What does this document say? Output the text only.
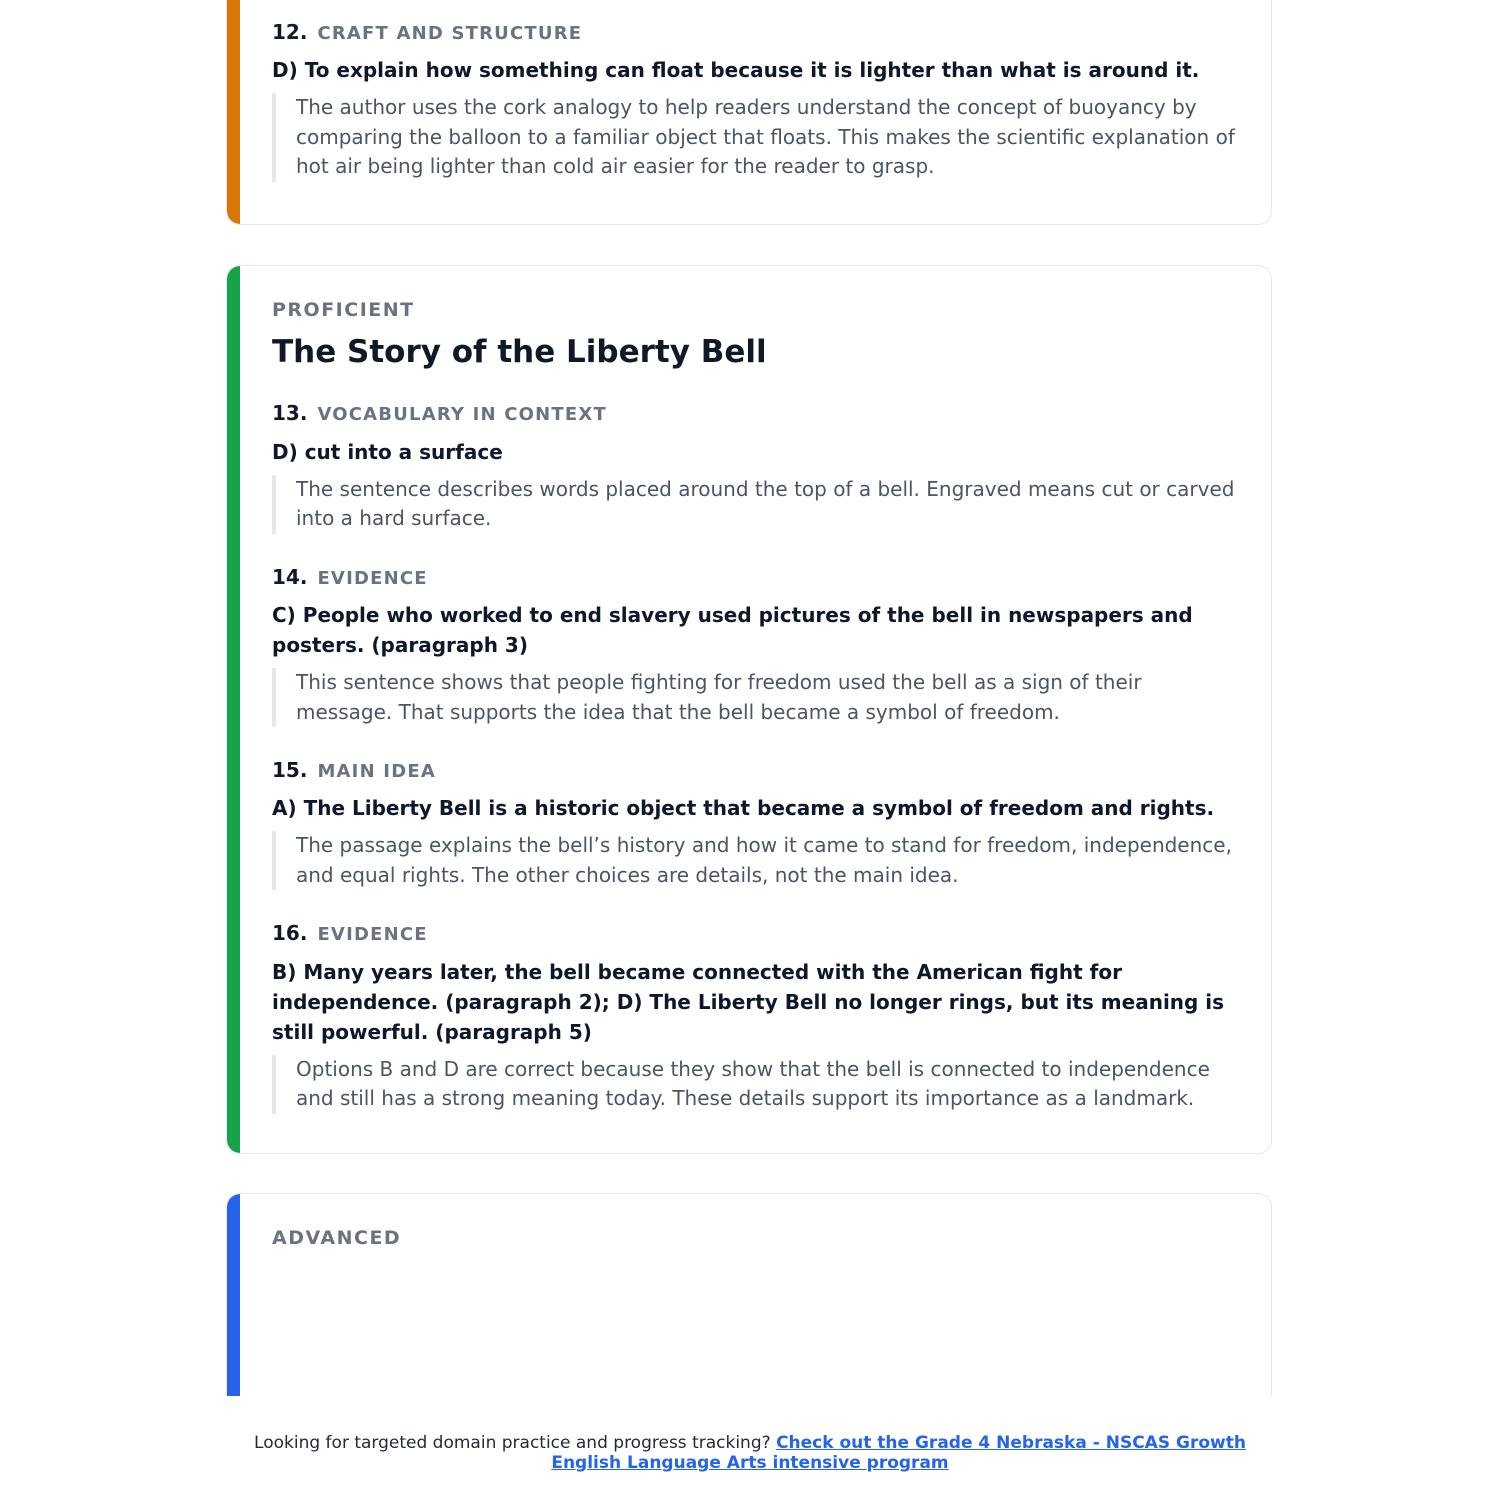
12. CRAFT AND STRUCTURE

D) To explain how something can float because it is lighter than what is around it.

The author uses the cork analogy to help readers understand the concept of buoyancy by comparing the balloon to a familiar object that floats. This makes the scientific explanation of hot air being lighter than cold air easier for the reader to grasp.

PROFICIENT

The Story of the Liberty Bell
13. VOCABULARY IN CONTEXT

D) cut into a surface

The sentence describes words placed around the top of a bell. Engraved means cut or carved into a hard surface.

14. EVIDENCE

C) People who worked to end slavery used pictures of the bell in newspapers and posters. (paragraph 3)

This sentence shows that people fighting for freedom used the bell as a sign of their message. That supports the idea that the bell became a symbol of freedom.

15. MAIN IDEA

A) The Liberty Bell is a historic object that became a symbol of freedom and rights.

The passage explains the bell’s history and how it came to stand for freedom, independence, and equal rights. The other choices are details, not the main idea.

16. EVIDENCE

B) Many years later, the bell became connected with the American fight for independence. (paragraph 2); D) The Liberty Bell no longer rings, but its meaning is still powerful. (paragraph 5)

Options B and D are correct because they show that the bell is connected to independence and still has a strong meaning today. These details support its importance as a landmark.

ADVANCED

Looking for targeted domain practice and progress tracking? Check out the Grade 4 Nebraska - NSCAS Growth English Language Arts intensive program
